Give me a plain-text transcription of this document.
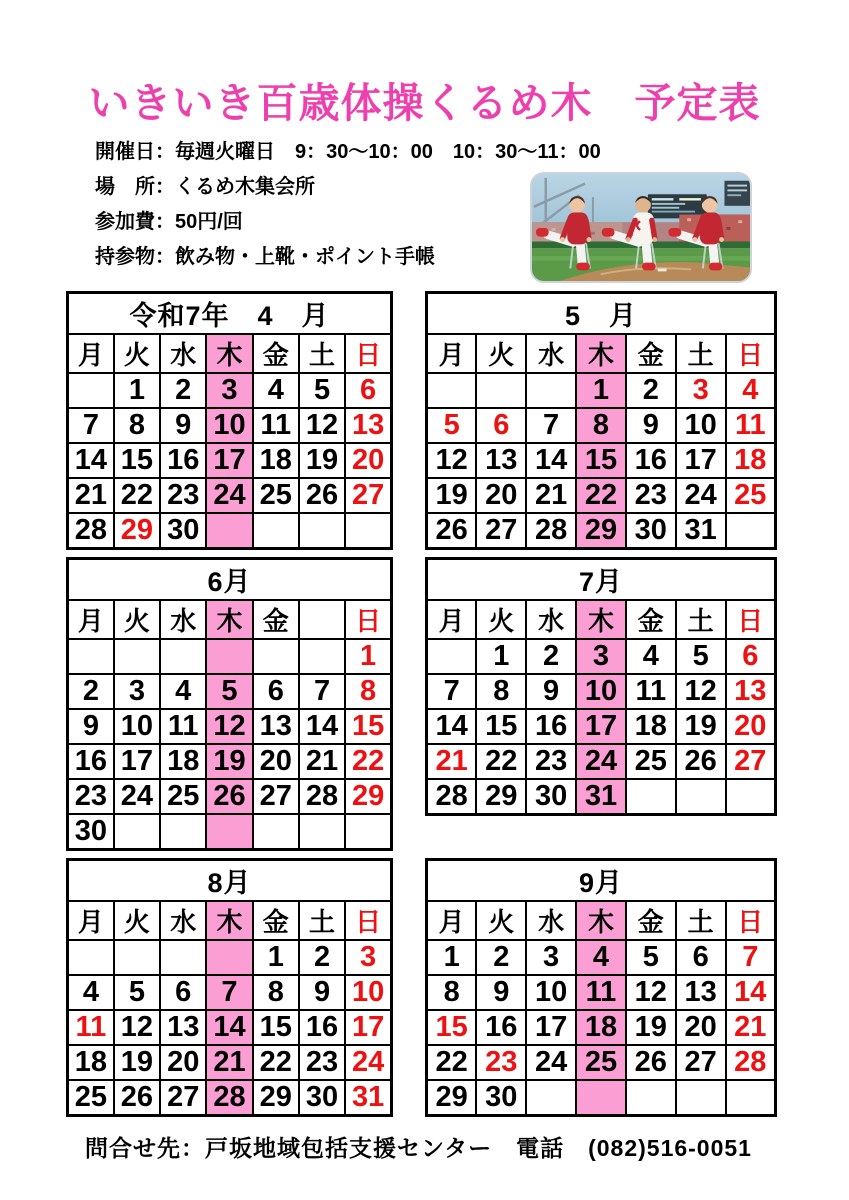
いきいき百歳体操くるめ木　予定表
開催日：毎週火曜日　9：30～10：00　10：30～11：00
場　所：くるめ木集会所
参加費：50円/回
持参物：飲み物・上靴・ポイント手帳
令和7年　4　月						
月	火	水	木	金	土	日
	1	2	3	4	5	6
7	8	9	10	11	12	13
14	15	16	17	18	19	20
21	22	23	24	25	26	27
28	29	30				
5　月						
月	火	水	木	金	土	日
			1	2	3	4
5	6	7	8	9	10	11
12	13	14	15	16	17	18
19	20	21	22	23	24	25
26	27	28	29	30	31	
6月						
月	火	水	木	金		日
						1
2	3	4	5	6	7	8
9	10	11	12	13	14	15
16	17	18	19	20	21	22
23	24	25	26	27	28	29
30						
7月						
月	火	水	木	金	土	日
	1	2	3	4	5	6
7	8	9	10	11	12	13
14	15	16	17	18	19	20
21	22	23	24	25	26	27
28	29	30	31			
8月						
月	火	水	木	金	土	日
				1	2	3
4	5	6	7	8	9	10
11	12	13	14	15	16	17
18	19	20	21	22	23	24
25	26	27	28	29	30	31
9月						
月	火	水	木	金	土	日
1	2	3	4	5	6	7
8	9	10	11	12	13	14
15	16	17	18	19	20	21
22	23	24	25	26	27	28
29	30					
問合せ先：戸坂地域包括支援センター　電話　(082)516-0051
